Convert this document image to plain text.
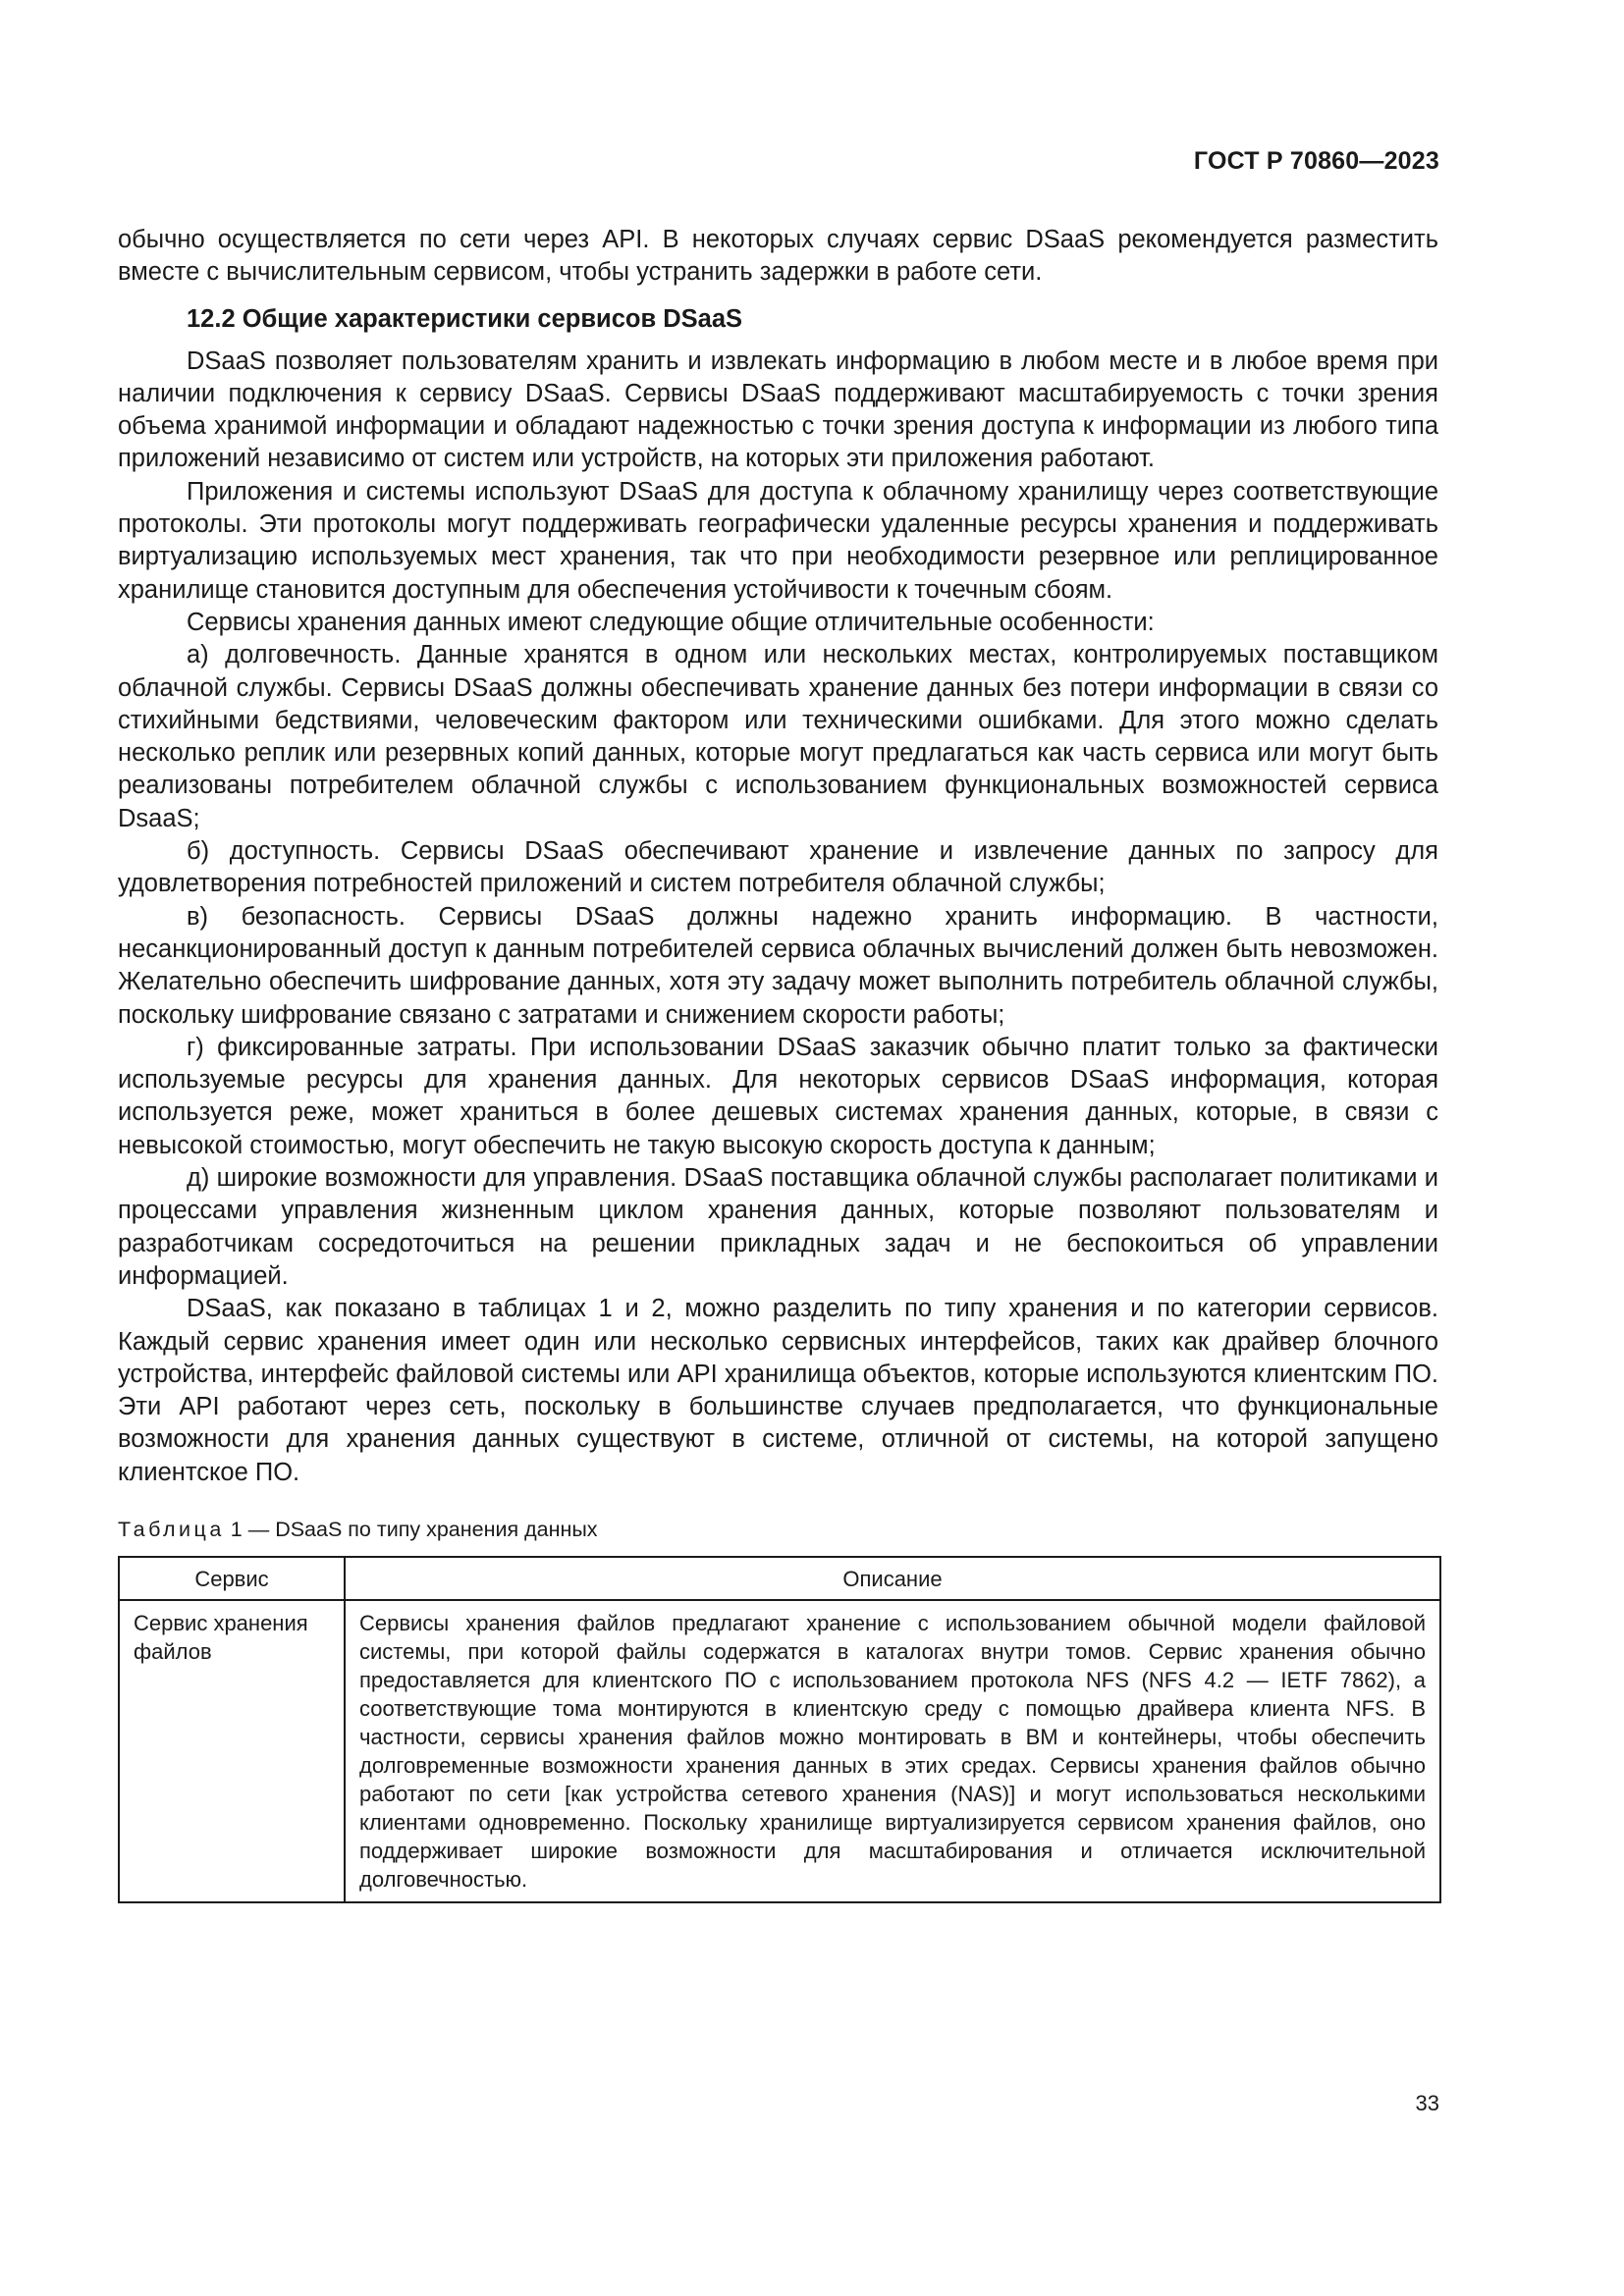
ГОСТ Р 70860—2023

обычно осуществляется по сети через API. В некоторых случаях сервис DSaaS рекомендуется разместить вместе с вычислительным сервисом, чтобы устранить задержки в работе сети.

12.2 Общие характеристики сервисов DSaaS

DSaaS позволяет пользователям хранить и извлекать информацию в любом месте и в любое время при наличии подключения к сервису DSaaS. Сервисы DSaaS поддерживают масштабируемость с точки зрения объема хранимой информации и обладают надежностью с точки зрения доступа к информации из любого типа приложений независимо от систем или устройств, на которых эти приложения работают.

Приложения и системы используют DSaaS для доступа к облачному хранилищу через соответствующие протоколы. Эти протоколы могут поддерживать географически удаленные ресурсы хранения и поддерживать виртуализацию используемых мест хранения, так что при необходимости резервное или реплицированное хранилище становится доступным для обеспечения устойчивости к точечным сбоям.

Сервисы хранения данных имеют следующие общие отличительные особенности:

а) долговечность. Данные хранятся в одном или нескольких местах, контролируемых поставщиком облачной службы. Сервисы DSaaS должны обеспечивать хранение данных без потери информации в связи со стихийными бедствиями, человеческим фактором или техническими ошибками. Для этого можно сделать несколько реплик или резервных копий данных, которые могут предлагаться как часть сервиса или могут быть реализованы потребителем облачной службы с использованием функциональных возможностей сервиса DsaaS;

б) доступность. Сервисы DSaaS обеспечивают хранение и извлечение данных по запросу для удовлетворения потребностей приложений и систем потребителя облачной службы;

в) безопасность. Сервисы DSaaS должны надежно хранить информацию. В частности, несанкционированный доступ к данным потребителей сервиса облачных вычислений должен быть невозможен. Желательно обеспечить шифрование данных, хотя эту задачу может выполнить потребитель облачной службы, поскольку шифрование связано с затратами и снижением скорости работы;

г) фиксированные затраты. При использовании DSaaS заказчик обычно платит только за фактически используемые ресурсы для хранения данных. Для некоторых сервисов DSaaS информация, которая используется реже, может храниться в более дешевых системах хранения данных, которые, в связи с невысокой стоимостью, могут обеспечить не такую высокую скорость доступа к данным;

д) широкие возможности для управления. DSaaS поставщика облачной службы располагает политиками и процессами управления жизненным циклом хранения данных, которые позволяют пользователям и разработчикам сосредоточиться на решении прикладных задач и не беспокоиться об управлении информацией.

DSaaS, как показано в таблицах 1 и 2, можно разделить по типу хранения и по категории сервисов. Каждый сервис хранения имеет один или несколько сервисных интерфейсов, таких как драйвер блочного устройства, интерфейс файловой системы или API хранилища объектов, которые используются клиентским ПО. Эти API работают через сеть, поскольку в большинстве случаев предполагается, что функциональные возможности для хранения данных существуют в системе, отличной от системы, на которой запущено клиентское ПО.

Таблица 1 — DSaaS по типу хранения данных
Сервис	Описание
Сервис хранения файлов	Сервисы хранения файлов предлагают хранение с использованием обычной модели файловой системы, при которой файлы содержатся в каталогах внутри томов. Сервис хранения обычно предоставляется для клиентского ПО с использованием протокола NFS (NFS 4.2 — IETF 7862), а соответствующие тома монтируются в клиентскую среду с помощью драйвера клиента NFS. В частности, сервисы хранения файлов можно монтировать в ВМ и контейнеры, чтобы обеспечить долговременные возможности хранения данных в этих средах. Сервисы хранения файлов обычно работают по сети [как устройства сетевого хранения (NAS)] и могут использоваться несколькими клиентами одновременно. Поскольку хранилище виртуализируется сервисом хранения файлов, оно поддерживает широкие возможности для масштабирования и отличается исключительной долговечностью.
33
